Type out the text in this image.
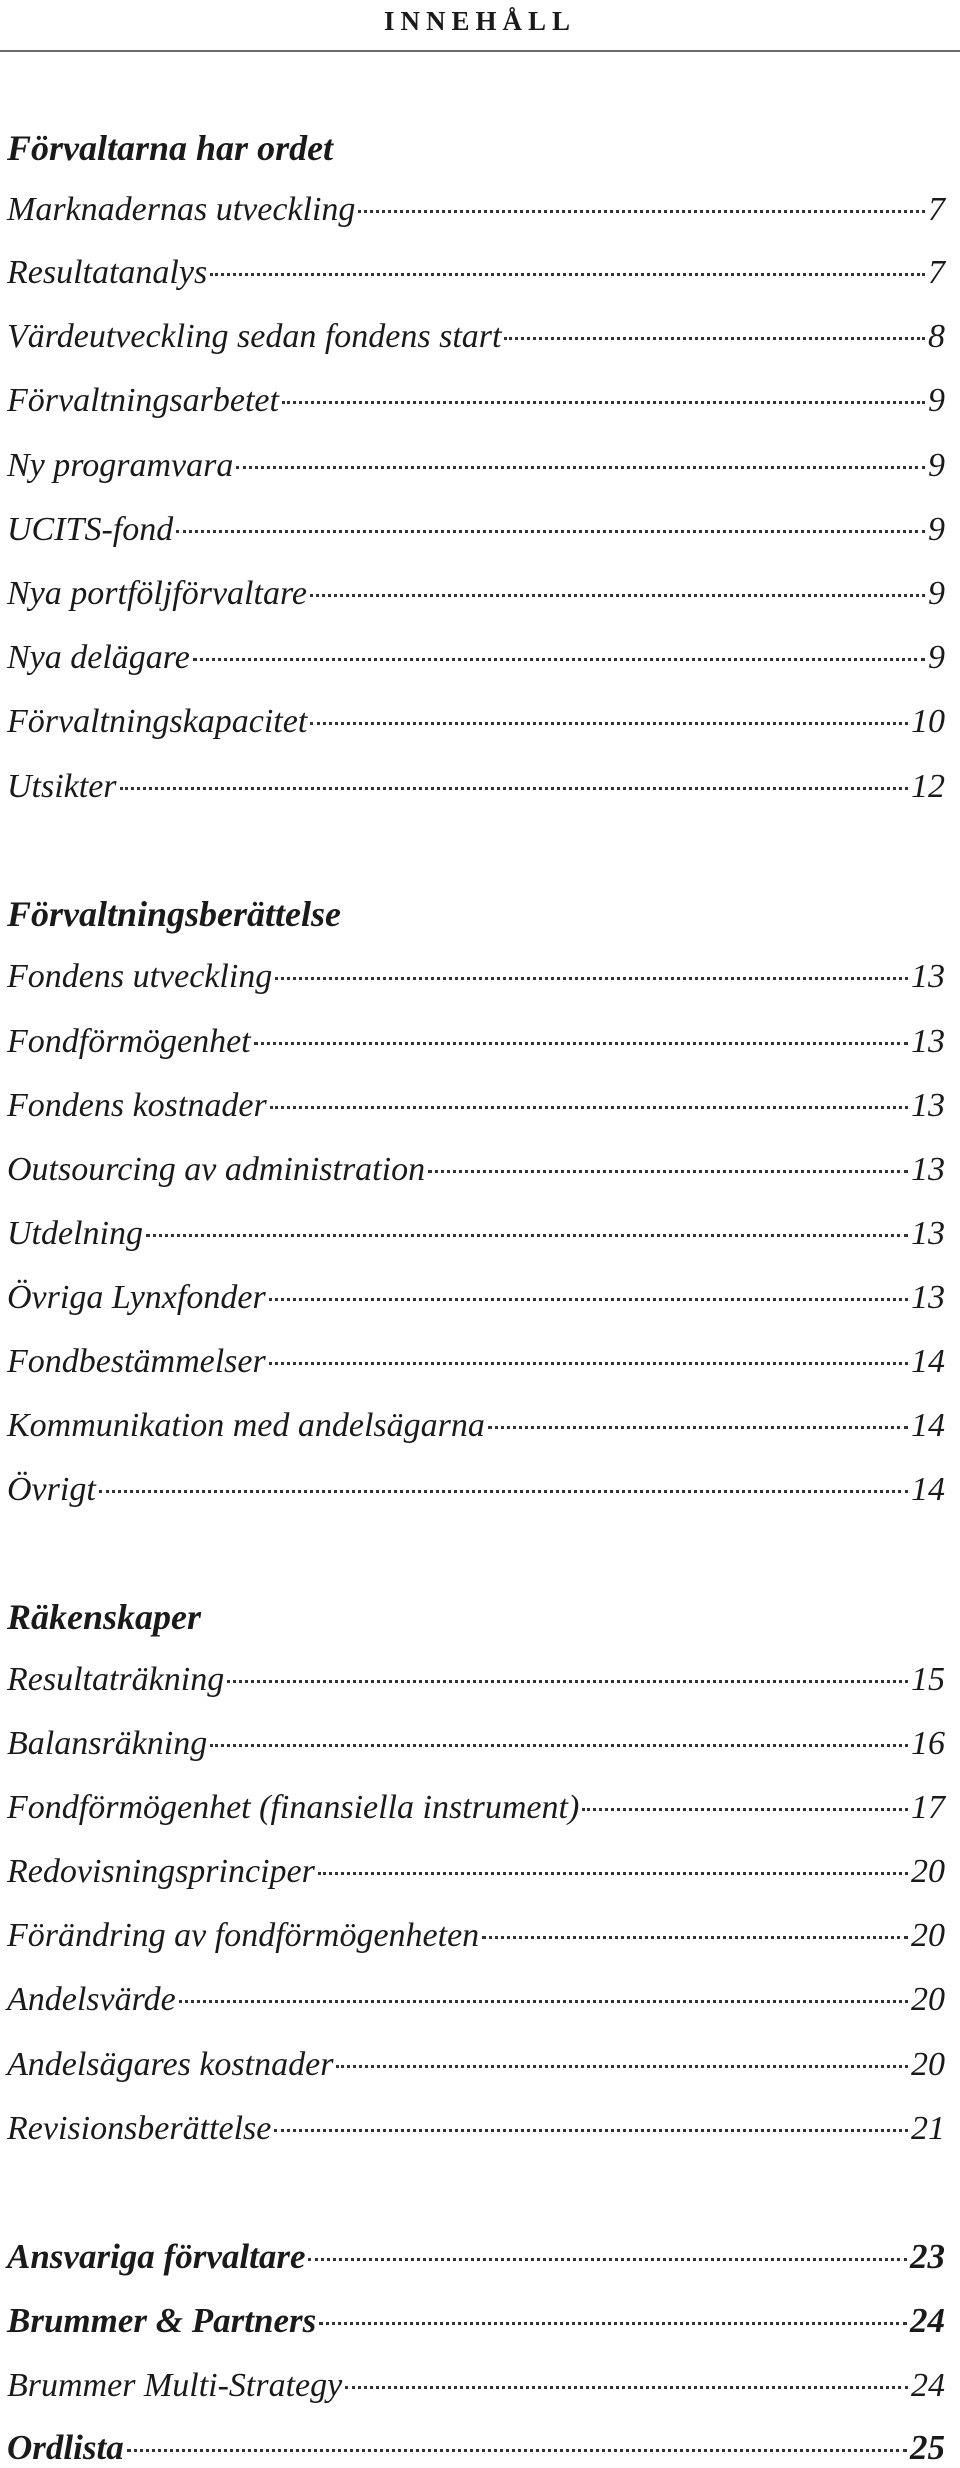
INNEHÅLL
Förvaltarna har ordet
Marknadernas utveckling	7
Resultatanalys	7
Värdeutveckling sedan fondens start	8
Förvaltningsarbetet	9
Ny programvara	9
UCITS-fond	9
Nya portföljförvaltare	9
Nya delägare	9
Förvaltningskapacitet	10
Utsikter	12
Förvaltningsberättelse
Fondens utveckling	13
Fondförmögenhet	13
Fondens kostnader	13
Outsourcing av administration	13
Utdelning	13
Övriga Lynxfonder	13
Fondbestämmelser	14
Kommunikation med andelsägarna	14
Övrigt	14
Räkenskaper
Resultaträkning	15
Balansräkning	16
Fondförmögenhet (finansiella instrument)	17
Redovisningsprinciper	20
Förändring av fondförmögenheten	20
Andelsvärde	20
Andelsägares kostnader	20
Revisionsberättelse	21
Ansvariga förvaltare	23
Brummer & Partners	24
Brummer Multi-Strategy	24
Ordlista	25
